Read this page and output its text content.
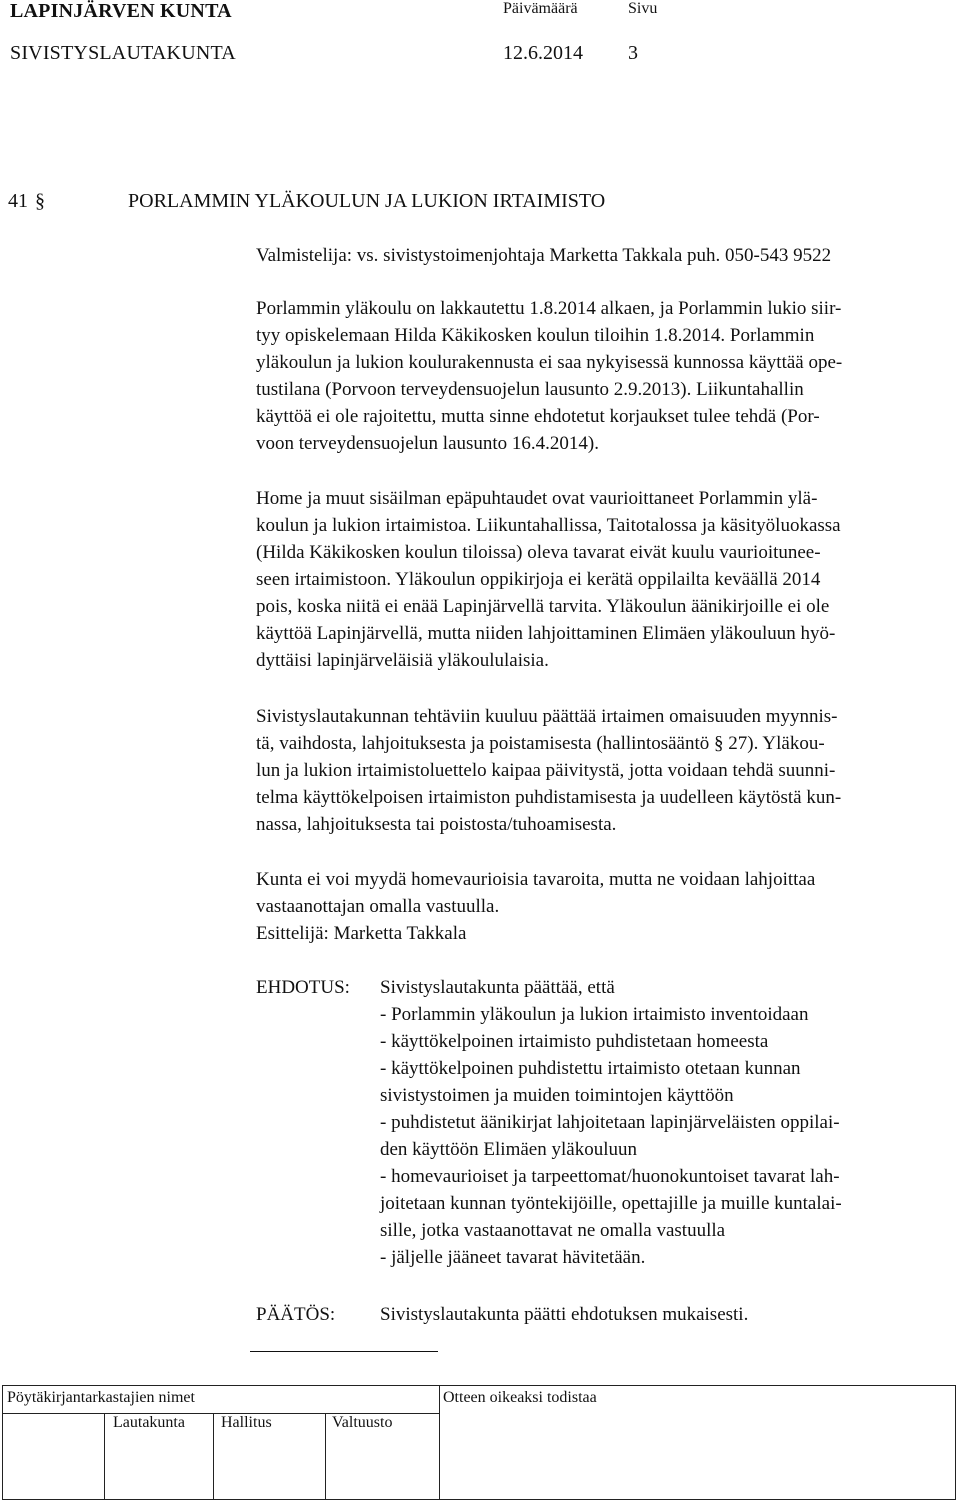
LAPINJÄRVEN KUNTA
SIVISTYSLAUTAKUNTA
Päivämäärä	Sivu
12.6.2014 3
41 §	PORLAMMIN YLÄKOULUN JA LUKION IRTAIMISTO
Valmistelija: vs. sivistystoimenjohtaja Marketta Takkala puh. 050-543 9522

Porlammin yläkoulu on lakkautettu 1.8.2014 alkaen, ja Porlammin lukio siir-

tyy opiskelemaan Hilda Käkikosken koulun tiloihin 1.8.2014. Porlammin

yläkoulun ja lukion koulurakennusta ei saa nykyisessä kunnossa käyttää ope-

tustilana (Porvoon terveydensuojelun lausunto 2.9.2013). Liikuntahallin

käyttöä ei ole rajoitettu, mutta sinne ehdotetut korjaukset tulee tehdä (Por-

voon terveydensuojelun lausunto 16.4.2014).

Home ja muut sisäilman epäpuhtaudet ovat vaurioittaneet Porlammin ylä-

koulun ja lukion irtaimistoa. Liikuntahallissa, Taitotalossa ja käsityöluokassa

(Hilda Käkikosken koulun tiloissa) oleva tavarat eivät kuulu vaurioitunee-

seen irtaimistoon. Yläkoulun oppikirjoja ei kerätä oppilailta keväällä 2014

pois, koska niitä ei enää Lapinjärvellä tarvita. Yläkoulun äänikirjoille ei ole

käyttöä Lapinjärvellä, mutta niiden lahjoittaminen Elimäen yläkouluun hyö-

dyttäisi lapinjärveläisiä yläkoululaisia.

Sivistyslautakunnan tehtäviin kuuluu päättää irtaimen omaisuuden myynnis-

tä, vaihdosta, lahjoituksesta ja poistamisesta (hallintosääntö § 27). Yläkou-

lun ja lukion irtaimistoluettelo kaipaa päivitystä, jotta voidaan tehdä suunni-

telma käyttökelpoisen irtaimiston puhdistamisesta ja uudelleen käytöstä kun-

nassa, lahjoituksesta tai poistosta/tuhoamisesta.

Kunta ei voi myydä homevaurioisia tavaroita, mutta ne voidaan lahjoittaa

vastaanottajan omalla vastuulla.

Esittelijä: Marketta Takkala

EHDOTUS: Sivistyslautakunta päättää, että

- Porlammin yläkoulun ja lukion irtaimisto inventoidaan

- käyttökelpoinen irtaimisto puhdistetaan homeesta

- käyttökelpoinen puhdistettu irtaimisto otetaan kunnan

sivistystoimen ja muiden toimintojen käyttöön

- puhdistetut äänikirjat lahjoitetaan lapinjärveläisten oppilai-

den käyttöön Elimäen yläkouluun

- homevaurioiset ja tarpeettomat/huonokuntoiset tavarat lah-

joitetaan kunnan työntekijöille, opettajille ja muille kuntalai-

sille, jotka vastaanottavat ne omalla vastuulla

- jäljelle jääneet tavarat hävitetään.

PÄÄTÖS: Sivistyslautakunta päätti ehdotuksen mukaisesti.
Pöytäkirjantarkastajien nimet	Otteen oikeaksi todistaa
Lautakunta Hallitus	Valtuusto
